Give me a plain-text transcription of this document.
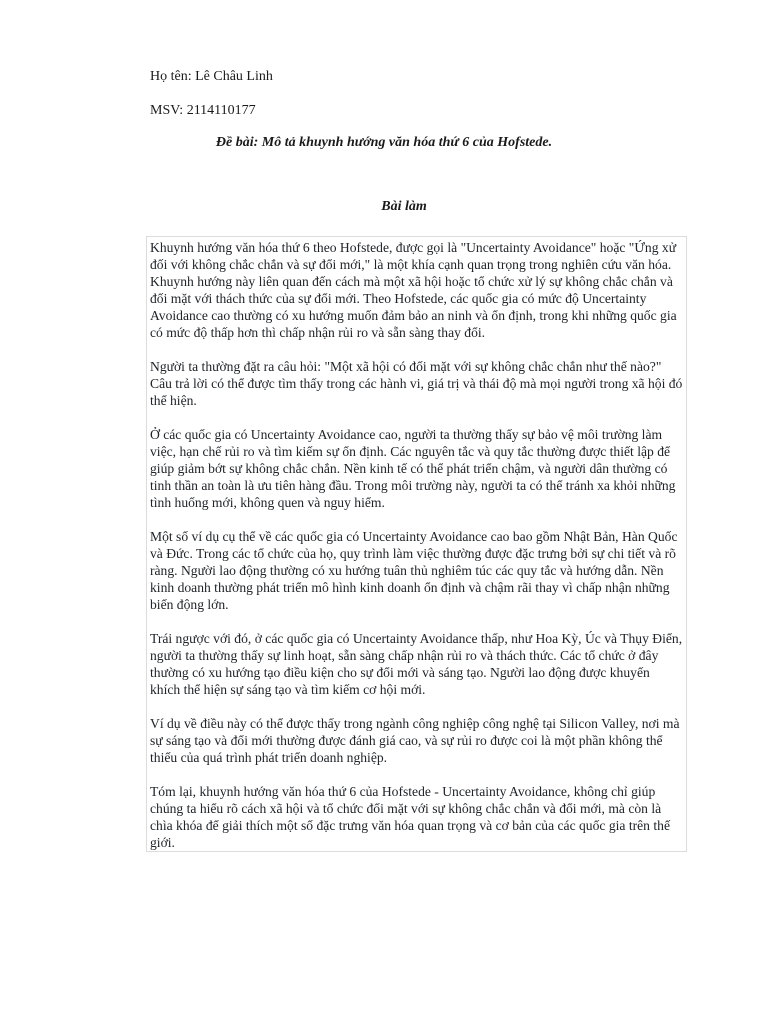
Họ tên: Lê Châu Linh

MSV: 2114110177

Đề bài: Mô tả khuynh hướng văn hóa thứ 6 của Hofstede.

Bài làm

Khuynh hướng văn hóa thứ 6 theo Hofstede, được gọi là "Uncertainty Avoidance" hoặc "Ứng xử đối với không chắc chắn và sự đổi mới," là một khía cạnh quan trọng trong nghiên cứu văn hóa. Khuynh hướng này liên quan đến cách mà một xã hội hoặc tổ chức xử lý sự không chắc chắn và đối mặt với thách thức của sự đổi mới. Theo Hofstede, các quốc gia có mức độ Uncertainty Avoidance cao thường có xu hướng muốn đảm bảo an ninh và ổn định, trong khi những quốc gia có mức độ thấp hơn thì chấp nhận rủi ro và sẵn sàng thay đổi.

Người ta thường đặt ra câu hỏi: "Một xã hội có đối mặt với sự không chắc chắn như thế nào?" Câu trả lời có thể được tìm thấy trong các hành vi, giá trị và thái độ mà mọi người trong xã hội đó thể hiện.

Ở các quốc gia có Uncertainty Avoidance cao, người ta thường thấy sự bảo vệ môi trường làm việc, hạn chế rủi ro và tìm kiếm sự ổn định. Các nguyên tắc và quy tắc thường được thiết lập để giúp giảm bớt sự không chắc chắn. Nền kinh tế có thể phát triển chậm, và người dân thường có tinh thần an toàn là ưu tiên hàng đầu. Trong môi trường này, người ta có thể tránh xa khỏi những tình huống mới, không quen và nguy hiểm.

Một số ví dụ cụ thể về các quốc gia có Uncertainty Avoidance cao bao gồm Nhật Bản, Hàn Quốc và Đức. Trong các tổ chức của họ, quy trình làm việc thường được đặc trưng bởi sự chi tiết và rõ ràng. Người lao động thường có xu hướng tuân thủ nghiêm túc các quy tắc và hướng dẫn. Nền kinh doanh thường phát triển mô hình kinh doanh ổn định và chậm rãi thay vì chấp nhận những biến động lớn.

Trái ngược với đó, ở các quốc gia có Uncertainty Avoidance thấp, như Hoa Kỳ, Úc và Thụy Điển, người ta thường thấy sự linh hoạt, sẵn sàng chấp nhận rủi ro và thách thức. Các tổ chức ở đây thường có xu hướng tạo điều kiện cho sự đổi mới và sáng tạo. Người lao động được khuyến khích thể hiện sự sáng tạo và tìm kiếm cơ hội mới.

Ví dụ về điều này có thể được thấy trong ngành công nghiệp công nghệ tại Silicon Valley, nơi mà sự sáng tạo và đổi mới thường được đánh giá cao, và sự rủi ro được coi là một phần không thể thiếu của quá trình phát triển doanh nghiệp.

Tóm lại, khuynh hướng văn hóa thứ 6 của Hofstede - Uncertainty Avoidance, không chỉ giúp chúng ta hiểu rõ cách xã hội và tổ chức đối mặt với sự không chắc chắn và đổi mới, mà còn là chìa khóa để giải thích một số đặc trưng văn hóa quan trọng và cơ bản của các quốc gia trên thế giới.
